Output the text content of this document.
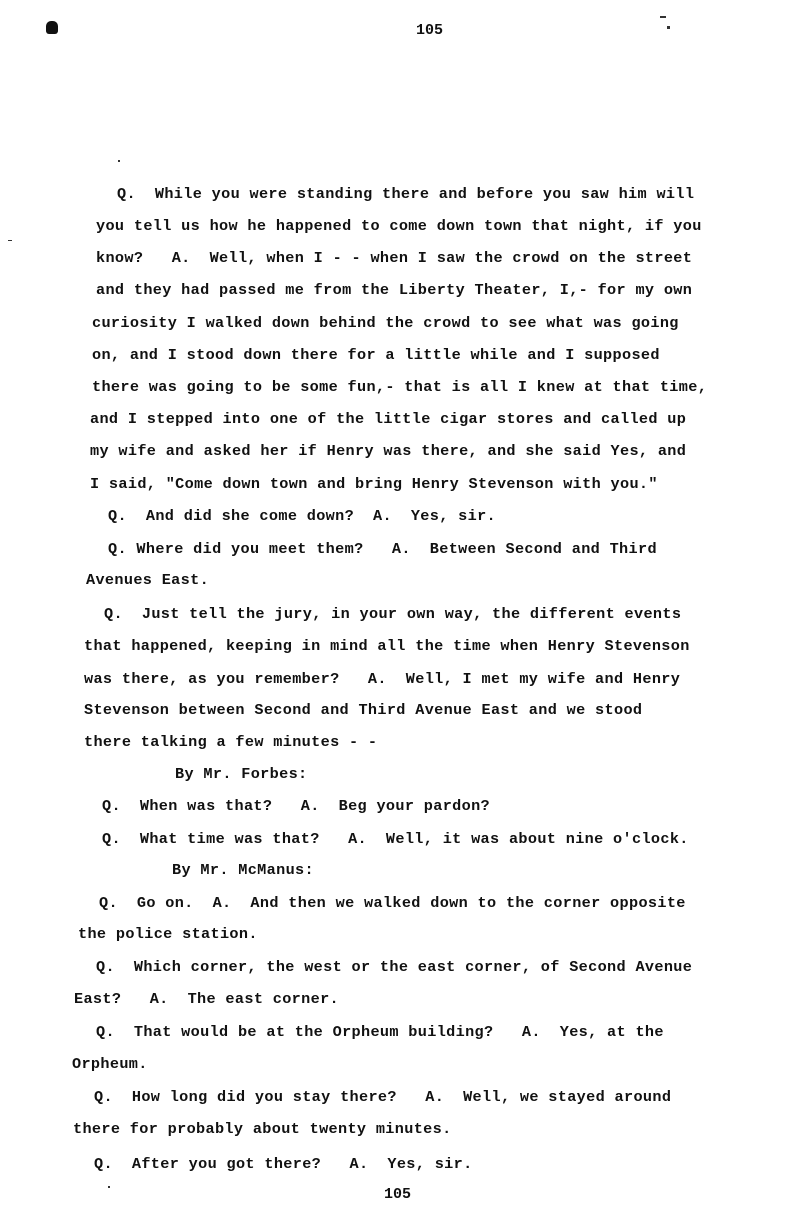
105
Q.  While you were standing there and before you saw him will
you tell us how he happened to come down town that night, if you
know?   A.  Well, when I - - when I saw the crowd on the street
and they had passed me from the Liberty Theater, I,- for my own
curiosity I walked down behind the crowd to see what was going
on, and I stood down there for a little while and I supposed
there was going to be some fun,- that is all I knew at that time,
and I stepped into one of the little cigar stores and called up
my wife and asked her if Henry was there, and she said Yes, and
I said, "Come down town and bring Henry Stevenson with you."
Q.  And did she come down?  A.  Yes, sir.
Q. Where did you meet them?   A.  Between Second and Third
Avenues East.
Q.  Just tell the jury, in your own way, the different events
that happened, keeping in mind all the time when Henry Stevenson
was there, as you remember?   A.  Well, I met my wife and Henry
Stevenson between Second and Third Avenue East and we stood
there talking a few minutes - -
By Mr. Forbes:
Q.  When was that?   A.  Beg your pardon?
Q.  What time was that?   A.  Well, it was about nine o'clock.
By Mr. McManus:
Q.  Go on.  A.  And then we walked down to the corner opposite
the police station.
Q.  Which corner, the west or the east corner, of Second Avenue
East?   A.  The east corner.
Q.  That would be at the Orpheum building?   A.  Yes, at the
Orpheum.
Q.  How long did you stay there?   A.  Well, we stayed around
there for probably about twenty minutes.
Q.  After you got there?   A.  Yes, sir.
105
